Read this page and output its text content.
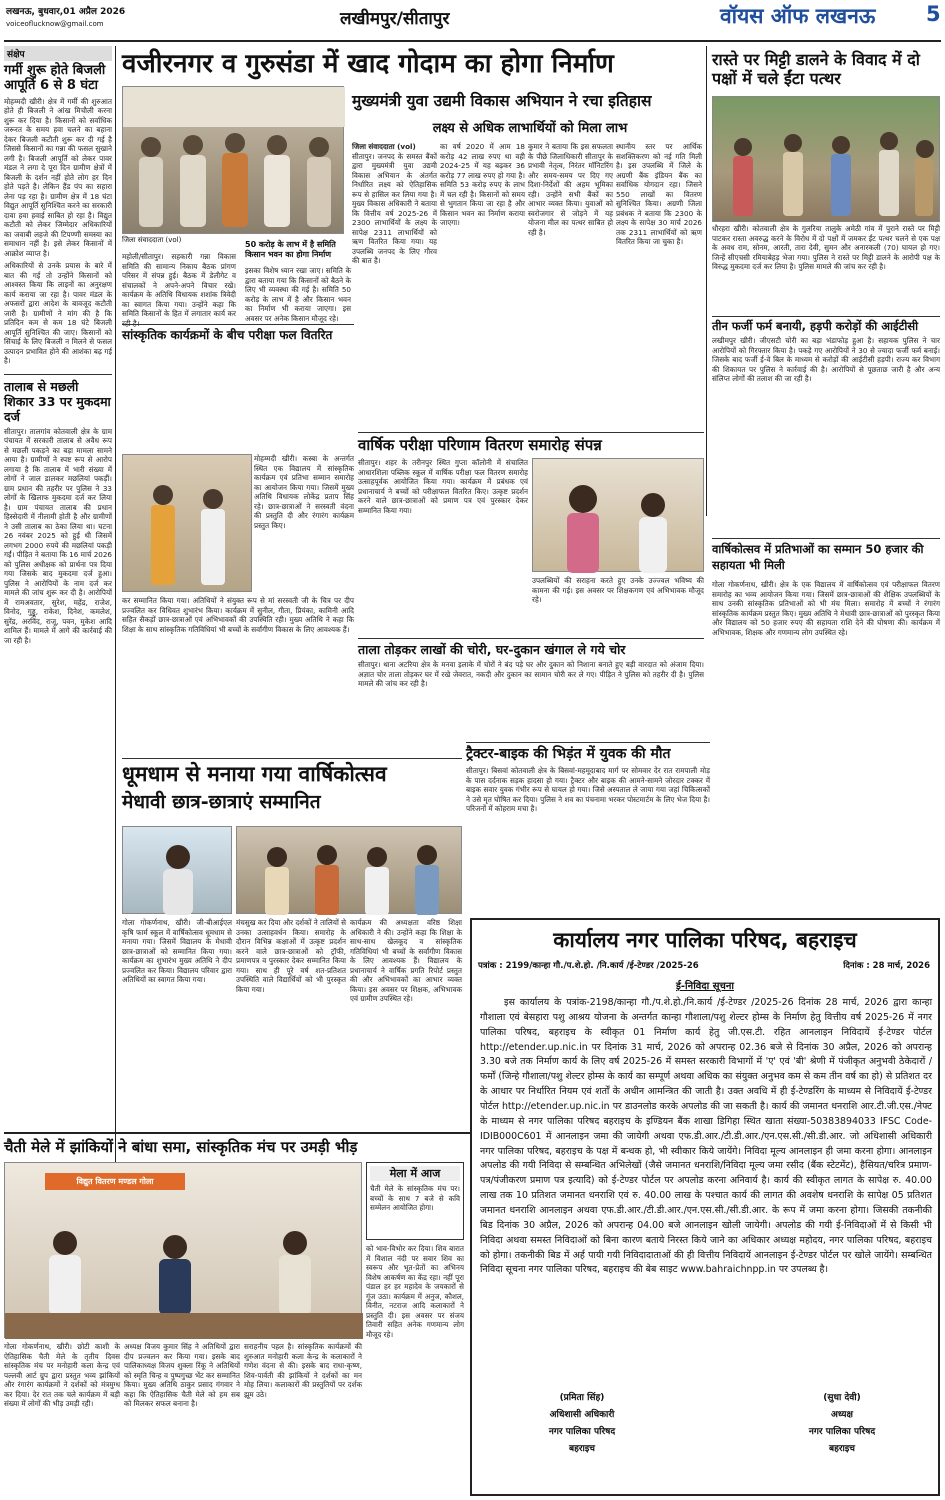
लखनऊ, बुधवार,01 अप्रैल 2026
voiceoflucknow@gmail.com	लखीमपुर/सीतापुर	वॉयस ऑफ लखनऊ 5
संक्षेप
गर्मी शुरू होते बिजली आपूर्ति 6 से 8 घंटा
मोहम्मदी खीरी। क्षेत्र में गर्मी की शुरुआत होते ही बिजली ने आंख मिचौली करना शुरू कर दिया है। किसानों को सर्वाधिक जरूरत के समय हवा चलने का बहाना देकर बिजली कटौती शुरू कर दी गई है जिससे किसानों का गन्ना की फसल सुखाने लगी है। बिजली आपूर्ति को लेकर पावर मंडल ने लगा दे पूरा दिन ग्रामीण क्षेत्रों में बिजली के दर्शन नहीं होते लोग हर दिन होते पड़ते है। लेकिन हैंड पंप का सहारा लेना पड़ रहा है। ग्रामीण क्षेत्र में 18 घंटा विद्युत आपूर्ति सुनिश्चित करने का सरकारी दावा हवा हवाई साबित हो रहा है। विद्युत कटौती को लेकर जिम्मेदार अधिकारियों का जवाबी लहजे की टिपण्णी समस्या का समाधान नहीं है। इसे लेकर किसानों में आक्रोश व्याप्त है।
अधिकारियों से उनके प्रयास के बारे में बात की गई तो उन्होंने किसानों को आश्वस्त किया कि लाइनों का अनुरक्षण कार्य कराया जा रहा है। पावर मंडल के अफसरों द्वारा आदेश के बावजूद कटौती जारी है। ग्रामीणों ने मांग की है कि प्रतिदिन कम से कम 18 घंटे बिजली आपूर्ति सुनिश्चित की जाए। किसानों को सिंचाई के लिए बिजली न मिलने से फसल उत्पादन प्रभावित होने की आशंका बढ़ गई है।
तालाब से मछली शिकार 33 पर मुकदमा दर्ज
सीतापुर। तालगांव कोतवाली क्षेत्र के ग्राम पंचायत में सरकारी तालाब से अवैध रूप से मछली पकड़ने का बड़ा मामला सामने आया है। ग्रामीणों ने स्पष्ट रूप से आरोप लगाया है कि तालाब में भारी संख्या में लोगों ने जाल डालकर मछलियां पकड़ीं। ग्राम प्रधान की तहरीर पर पुलिस ने 33 लोगों के खिलाफ मुकदमा दर्ज कर लिया है। ग्राम पंचायत तालाब की प्रधान हिस्सेदारी में नीलामी होती है और ग्रामीणों ने उसी तालाब का ठेका लिया था। घटना 26 नवंबर 2025 को हुई थी जिसमें लगभग 2000 रुपये की मछलियां पकड़ी गईं। पीड़ित ने बताया कि 16 मार्च 2026 को पुलिस अधीक्षक को प्रार्थना पत्र दिया गया जिसके बाद मुकदमा दर्ज हुआ। पुलिस ने आरोपियों के नाम दर्ज कर मामले की जांच शुरू कर दी है। आरोपियों में रामअवतार, सुरेश, महेंद्र, राजेश, विनोद, गुड्डू, राकेश, दिनेश, कमलेश, सुरेंद्र, अरविंद, राजू, पवन, मुकेश आदि शामिल हैं। मामले में आगे की कार्रवाई की जा रही है।
वजीरनगर व गुरुसंडा में खाद गोदाम का होगा निर्माण
जिला संवाददाता (vol)	50 करोड़ के लाभ में है समिति किसान भवन का होगा निर्माण
महोली/सीतापुर। सहकारी गन्ना विकास समिति की सामान्य निकाय बैठक प्रांगण परिसर में संपन्न हुई। बैठक में डेलीगेट व संचालकों ने अपने-अपने विचार रखे। कार्यक्रम के अतिथि विधायक शशांक त्रिवेदी का स्वागत किया गया। उन्होंने कहा कि समिति किसानों के हित में लगातार कार्य कर रही है।
इसका विशेष ध्यान रखा जाए। समिति के द्वारा बताया गया कि किसानों को बैठने के लिए भी व्यवस्था की गई है। समिति 50 करोड़ के लाभ में है और किसान भवन का निर्माण भी कराया जाएगा। इस अवसर पर अनेक किसान मौजूद रहे।
मुख्यमंत्री युवा उद्यमी विकास अभियान ने रचा इतिहास
लक्ष्य से अधिक लाभार्थियों को मिला लाभ
जिला संवाददाता (vol)
सीतापुर। जनपद के समस्त बैंकों द्वारा मुख्यमंत्री युवा उद्यमी विकास अभियान के अंतर्गत निर्धारित लक्ष्य को ऐतिहासिक रूप से हासिल कर लिया गया है। मुख्य विकास अधिकारी ने बताया कि वित्तीय वर्ष 2025-26 में 2300 लाभार्थियों के लक्ष्य के सापेक्ष 2311 लाभार्थियों को ऋण वितरित किया गया। यह उपलब्धि जनपद के लिए गौरव की बात है।
का वर्ष 2020 में आम 18 करोड़ 42 लाख रुपए था वही 2024-25 में यह बढ़कर 36 करोड़ 77 लाख रुपए हो गया है। समिति 53 करोड़ रुपए के लाभ में चल रही है। किसानों को समय से भुगतान किया जा रहा है और किसान भवन का निर्माण कराया जाएगा।
कुमार ने बताया कि इस सफलता के पीछे जिलाधिकारी सीतापुर के प्रभावी नेतृत्व, निरंतर मॉनिटरिंग और समय-समय पर दिए गए दिशा-निर्देशों की अहम भूमिका रही। उन्होंने सभी बैंकों का आभार व्यक्त किया। युवाओं को स्वरोजगार से जोड़ने में यह योजना मील का पत्थर साबित हो रही है।
स्थानीय स्तर पर आर्थिक सशक्तिकरण को नई गति मिली है। इस उपलब्धि में जिले के अग्रणी बैंक इंडियन बैंक का सर्वाधिक योगदान रहा। जिसने 550 लाखों का वितरण सुनिश्चित किया। अग्रणी जिला प्रबंधक ने बताया कि 2300 के लक्ष्य के सापेक्ष 30 मार्च 2026 तक 2311 लाभार्थियों को ऋण वितरित किया जा चुका है।
रास्ते पर मिट्टी डालने के विवाद में दो पक्षों में चले ईंटा पत्थर
धौरहरा खीरी। कोतवाली क्षेत्र के गुलरिया तालुके अमेठी गांव में पुराने रास्ते पर मिट्टी पाटकर रास्ता अवरुद्ध करने के विरोध में दो पक्षों में जमकर ईंट पत्थर चलने से एक पक्ष के अवध राम, सोनम, आरती, तारा देवी, सुमन और अनारकली (70) घायल हो गए। जिन्हें सीएचसी रमियाबेहड़ भेजा गया। पुलिस ने रास्ते पर मिट्टी डालने के आरोपी पक्ष के विरुद्ध मुकदमा दर्ज कर लिया है। पुलिस मामले की जांच कर रही है।
तीन फर्जी फर्म बनायी, हड़पी करोड़ों की आईटीसी
लखीमपुर खीरी। जीएसटी चोरी का बड़ा भंडाफोड़ हुआ है। सहायक पुलिस ने चार आरोपियों को गिरफ्तार किया है। पकड़े गए आरोपियों ने 30 से ज्यादा फर्जी फर्म बनाई। जिसके बाद फर्जी ई-वे बिल के माध्यम से करोड़ों की आईटीसी हड़पी। राज्य कर विभाग की शिकायत पर पुलिस ने कार्रवाई की है। आरोपियों से पूछताछ जारी है और अन्य संलिप्त लोगों की तलाश की जा रही है।
वार्षिकोत्सव में प्रतिभाओं का सम्मान 50 हजार की सहायता भी मिली
गोला गोकर्णनाथ, खीरी। क्षेत्र के एक विद्यालय में वार्षिकोत्सव एवं परीक्षाफल वितरण समारोह का भव्य आयोजन किया गया। जिसमें छात्र-छात्राओं की शैक्षिक उपलब्धियों के साथ उनकी सांस्कृतिक प्रतिभाओं को भी मंच मिला। समारोह में बच्चों ने रंगारंग सांस्कृतिक कार्यक्रम प्रस्तुत किए। मुख्य अतिथि ने मेधावी छात्र-छात्राओं को पुरस्कृत किया और विद्यालय को 50 हजार रुपए की सहायता राशि देने की घोषणा की। कार्यक्रम में अभिभावक, शिक्षक और गणमान्य लोग उपस्थित रहे।
सांस्कृतिक कार्यक्रमों के बीच परीक्षा फल वितरित
मोहम्मदी खीरी। कस्बा के अन्तर्गत स्थित एक विद्यालय में सांस्कृतिक कार्यक्रम एवं प्रतिभा सम्मान समारोह का आयोजन किया गया। जिसमें मुख्य अतिथि विधायक लोकेंद्र प्रताप सिंह रहे। छात्र-छात्राओं ने सरस्वती वंदना की प्रस्तुति दी और रंगारंग कार्यक्रम प्रस्तुत किए।
कर सम्मानित किया गया। अतिथियों ने संयुक्त रूप से मां सरस्वती जी के चित्र पर दीप प्रज्वलित कर विधिवत शुभारंभ किया। कार्यक्रम में सुनील, गीता, प्रियंका, कामिनी आदि सहित सैकड़ों छात्र-छात्राओं एवं अभिभावकों की उपस्थिति रही। मुख्य अतिथि ने कहा कि शिक्षा के साथ सांस्कृतिक गतिविधियां भी बच्चों के सर्वांगीण विकास के लिए आवश्यक हैं।
वार्षिक परीक्षा परिणाम वितरण समारोह संपन्न
सीतापुर। शहर के तरीनपुर स्थित गुप्ता कॉलोनी में संचालित आधारशिला पब्लिक स्कूल में वार्षिक परीक्षा फल वितरण समारोह उत्साहपूर्वक आयोजित किया गया। कार्यक्रम में प्रबंधक एवं प्रधानाचार्य ने बच्चों को परीक्षाफल वितरित किए। उत्कृष्ट प्रदर्शन करने वाले छात्र-छात्राओं को प्रमाण पत्र एवं पुरस्कार देकर सम्मानित किया गया।
उपलब्धियों की सराहना करते हुए उनके उज्ज्वल भविष्य की कामना की गई। इस अवसर पर शिक्षकगण एवं अभिभावक मौजूद रहे।
ताला तोड़कर लाखों की चोरी, घर-दुकान खंगाल ले गये चोर
सीतापुर। थाना अटरिया क्षेत्र के मनवा इलाके में चोरों ने बंद पड़े घर और दुकान को निशाना बनाते हुए बड़ी वारदात को अंजाम दिया। अज्ञात चोर ताला तोड़कर घर में रखे जेवरात, नकदी और दुकान का सामान चोरी कर ले गए। पीड़ित ने पुलिस को तहरीर दी है। पुलिस मामले की जांच कर रही है।
ट्रैक्टर-बाइक की भिड़ंत में युवक की मौत
सीतापुर। बिसवां कोतवाली क्षेत्र के बिसवां-महमूदाबाद मार्ग पर सोमवार देर रात रामपाली मोड़ के पास दर्दनाक सड़क हादसा हो गया। ट्रैक्टर और बाइक की आमने-सामने जोरदार टक्कर में बाइक सवार युवक गंभीर रूप से घायल हो गया। जिसे अस्पताल ले जाया गया जहां चिकित्सकों ने उसे मृत घोषित कर दिया। पुलिस ने शव का पंचनामा भरकर पोस्टमार्टम के लिए भेज दिया है। परिजनों में कोहराम मचा है।
धूमधाम से मनाया गया वार्षिकोत्सव
मेधावी छात्र-छात्राएं सम्मानित
गोला गोकर्णनाथ, खीरी। जी-बीआईएल कृषि फार्म स्कूल में वार्षिकोत्सव धूमधाम से मनाया गया। जिसमें विद्यालय के मेधावी छात्र-छात्राओं को सम्मानित किया गया। कार्यक्रम का शुभारंभ मुख्य अतिथि ने दीप प्रज्वलित कर किया। विद्यालय परिवार द्वारा अतिथियों का स्वागत किया गया।
मंचसुख कर दिया और दर्शकों ने तालियों से उनका उत्साहवर्धन किया। समारोह के दौरान विभिन्न कक्षाओं में उत्कृष्ट प्रदर्शन करने वाले छात्र-छात्राओं को ट्रॉफी, प्रमाणपत्र व पुरस्कार देकर सम्मानित किया गया। साथ ही पूरे वर्ष शत-प्रतिशत उपस्थिति वाले विद्यार्थियों को भी पुरस्कृत किया गया।
कार्यक्रम की अध्यक्षता वरिष्ठ शिक्षा अधिकारी ने की। उन्होंने कहा कि शिक्षा के साथ-साथ खेलकूद व सांस्कृतिक गतिविधियां भी बच्चों के सर्वांगीण विकास के लिए आवश्यक हैं। विद्यालय के प्रधानाचार्य ने वार्षिक प्रगति रिपोर्ट प्रस्तुत की और अभिभावकों का आभार व्यक्त किया। इस अवसर पर शिक्षक, अभिभावक एवं ग्रामीण उपस्थित रहे।
चैती मेले में झांकियों ने बांधा समा, सांस्कृतिक मंच पर उमड़ी भीड़
विद्युत वितरण मण्डल गोला
मेला में आज
चैती मेले के सांस्कृतिक मंच पर। बच्चों के साथ 7 बजे से कवि सम्मेलन आयोजित होगा।
को भाव-विभोर कर दिया। शिव बारात में विशाल नंदी पर सवार शिव का स्वरूप और भूत-प्रेतों का अभिनय विशेष आकर्षण का केंद्र रहा। नहीं पूरा पंडाल हर हर महादेव के जयकारों से गूंज उठा। कार्यक्रम में अनुज, कौशल, विनीत, नटराज आदि कलाकारों ने प्रस्तुति दी। इस अवसर पर संजय तिवारी सहित अनेक गणमान्य लोग मौजूद रहे।
गोला गोकर्णनाथ, खीरी। छोटी काशी के ऐतिहासिक चैती मेले के तृतीय दिवस सांस्कृतिक मंच पर मनोहारी कला केन्द्र एवं पल्लवी आर्ट ग्रुप द्वारा प्रस्तुत भव्य झांकियों और रंगारंग कार्यक्रमों ने दर्शकों को मंत्रमुग्ध कर दिया। देर रात तक चले कार्यक्रम में बड़ी संख्या में लोगों की भीड़ उमड़ी रही।
अध्यक्ष विजय कुमार सिंह ने अतिथियों द्वारा दीप प्रज्वलन कर किया गया। इसके बाद पालिकाध्यक्ष विजय शुक्ला रिंकू ने अतिथियों को स्मृति चिन्ह व पुष्पगुच्छ भेंट कर सम्मानित किया। मुख्य अतिथि ठाकुर प्रसाद गंगवार ने कहा कि ऐतिहासिक चैती मेले को हम सब को मिलकर सफल बनाना है।
सराहनीय पहल है। सांस्कृतिक कार्यक्रमों की शुरुआत मनोहारी कला केन्द्र के कलाकारों ने गणेश वंदना से की। इसके बाद राधा-कृष्ण, शिव-पार्वती की झांकियों ने दर्शकों का मन मोह लिया। कलाकारों की प्रस्तुतियों पर दर्शक झूम उठे।
कार्यालय नगर पालिका परिषद, बहराइच
पत्रांक : 2199/कान्हा गौ./प.शे.हो. /नि.कार्य /ई-टेण्डर /2025-26	दिनांक : 28 मार्च, 2026
ई-निविदा सूचना
इस कार्यालय के पत्रांक-2198/कान्हा गौ./प.शे.हो./नि.कार्य /ई-टेण्डर /2025-26 दिनांक 28 मार्च, 2026 द्वारा कान्हा गौशाला एवं बेसहारा पशु आश्रय योजना के अन्तर्गत कान्हा गौशाला/पशु शेल्टर होम्स के निर्माण हेतु वित्तीय वर्ष 2025-26 में नगर पालिका परिषद, बहराइच के स्वीकृत 01 निर्माण कार्य हेतु जी.एस.टी. रहित आनलाइन निविदायें ई-टेण्डर पोर्टल http://etender.up.nic.in पर दिनांक 31 मार्च, 2026 को अपरान्ह 02.36 बजे से दिनांक 30 अप्रैल, 2026 को अपरान्ह 3.30 बजे तक निर्माण कार्य के लिए वर्ष 2025-26 में समस्त सरकारी विभागों में 'ए' एवं 'बी' श्रेणी में पंजीकृत अनुभवी ठेकेदारों /फर्मों (जिन्हे गौशाला/पशु शेल्टर होम्स के कार्य का सम्पूर्ण अथवा अधिक का संयुक्त अनुभव कम से कम तीन वर्ष का हो) से प्रतिशत दर के आधार पर निर्धारित नियम एवं शर्तों के अधीन आमन्त्रित की जाती है। उक्त अवधि में ही ई-टेण्डरिंग के माध्यम से निविदायें ई-टेण्डर पोर्टल http://etender.up.nic.in पर डाउनलोड करके अपलोड की जा सकती है। कार्य की जमानत धनराशि आर.टी.जी.एस./नेफ्ट के माध्यम से नगर पालिका परिषद बहराइच के इण्डियन बैंक शाखा डिगिहा स्थित खाता संख्या-50383894033 IFSC Code- IDIB000C601 में आनलाइन जमा की जायेगी अथवा एफ.डी.आर./टी.डी.आर./एन.एस.सी./सी.डी.आर. जो अधिशासी अधिकारी नगर पालिका परिषद, बहराइच के पक्ष में बन्धक हो, भी स्वीकार किये जायेंगे। निविदा मूल्य आनलाइन ही जमा करना होगा। आनलाइन अपलोड की गयी निविदा से सम्बन्धित अभिलेखों (जैसे जमानत धनराशि/निविदा मूल्य जमा रसीद (बैंक स्टेटमेंट), हैसियत/चरित्र प्रमाण-पत्र/पंजीकरण प्रमाण पत्र इत्यादि) को ई-टेण्डर पोर्टल पर अपलोड करना अनिवार्य है। कार्य की स्वीकृत लागत के सापेक्ष रु. 40.00 लाख तक 10 प्रतिशत जमानत धनराशि एवं रु. 40.00 लाख के पश्चात कार्य की लागत की अवशेष धनराशि के सापेक्ष 05 प्रतिशत जमानत धनराशि आनलाइन अथवा एफ.डी.आर./टी.डी.आर./एन.एस.सी./सी.डी.आर. के रूप में जमा करना होगा। जिसकी तकनीकी बिड दिनांक 30 अप्रैल, 2026 को अपरान्ह 04.00 बजे आनलाइन खोली जायेगी। अपलोड की गयी ई-निविदाओं में से किसी भी निविदा अथवा समस्त निविदाओं को बिना कारण बताये निरस्त किये जाने का अधिकार अध्यक्ष महोदय, नगर पालिका परिषद, बहराइच को होगा। तकनीकी बिड में अर्ह पायी गयी निविदादाताओं की ही वित्तीय निविदायें आनलाइन ई-टेण्डर पोर्टल पर खोले जायेंगे। सम्बन्धित निविदा सूचना नगर पालिका परिषद, बहराइच की बेब साइट www.bahraichnpp.in पर उपलब्ध है।
(प्रमिता सिंह)
अधिशासी अधिकारी
नगर पालिका परिषद
बहराइच
(सुधा देवी)
अध्यक्ष
नगर पालिका परिषद
बहराइच
